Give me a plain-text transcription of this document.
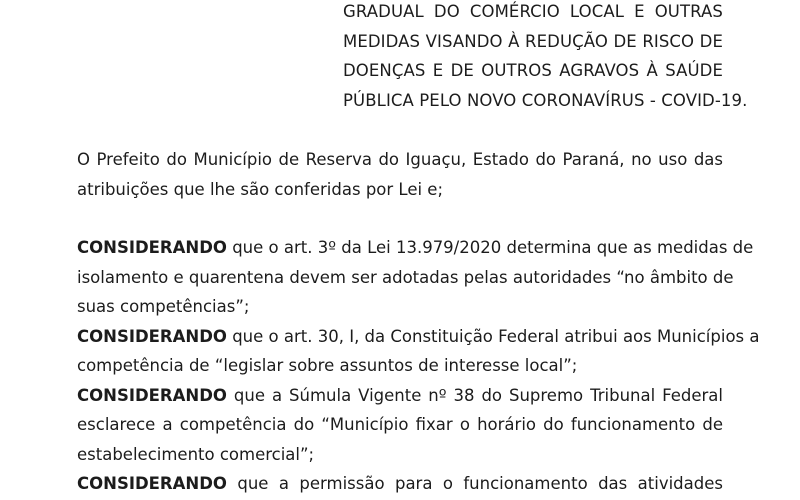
GRADUAL DO COMÉRCIO LOCAL E OUTRAS
MEDIDAS VISANDO À REDUÇÃO DE RISCO DE
DOENÇAS E DE OUTROS AGRAVOS À SAÚDE
PÚBLICA PELO NOVO CORONAVÍRUS - COVID-19.

O Prefeito do Município de Reserva do Iguaçu, Estado do Paraná, no uso das
atribuições que lhe são conferidas por Lei e;

CONSIDERANDO que o art. 3º da Lei 13.979/2020 determina que as medidas de
isolamento e quarentena devem ser adotadas pelas autoridades “no âmbito de
suas competências”;

CONSIDERANDO que o art. 30, I, da Constituição Federal atribui aos Municípios a
competência de “legislar sobre assuntos de interesse local”;

CONSIDERANDO que a Súmula Vigente nº 38 do Supremo Tribunal Federal
esclarece a competência do “Município fixar o horário do funcionamento de
estabelecimento comercial”;

CONSIDERANDO que a permissão para o funcionamento das atividades
